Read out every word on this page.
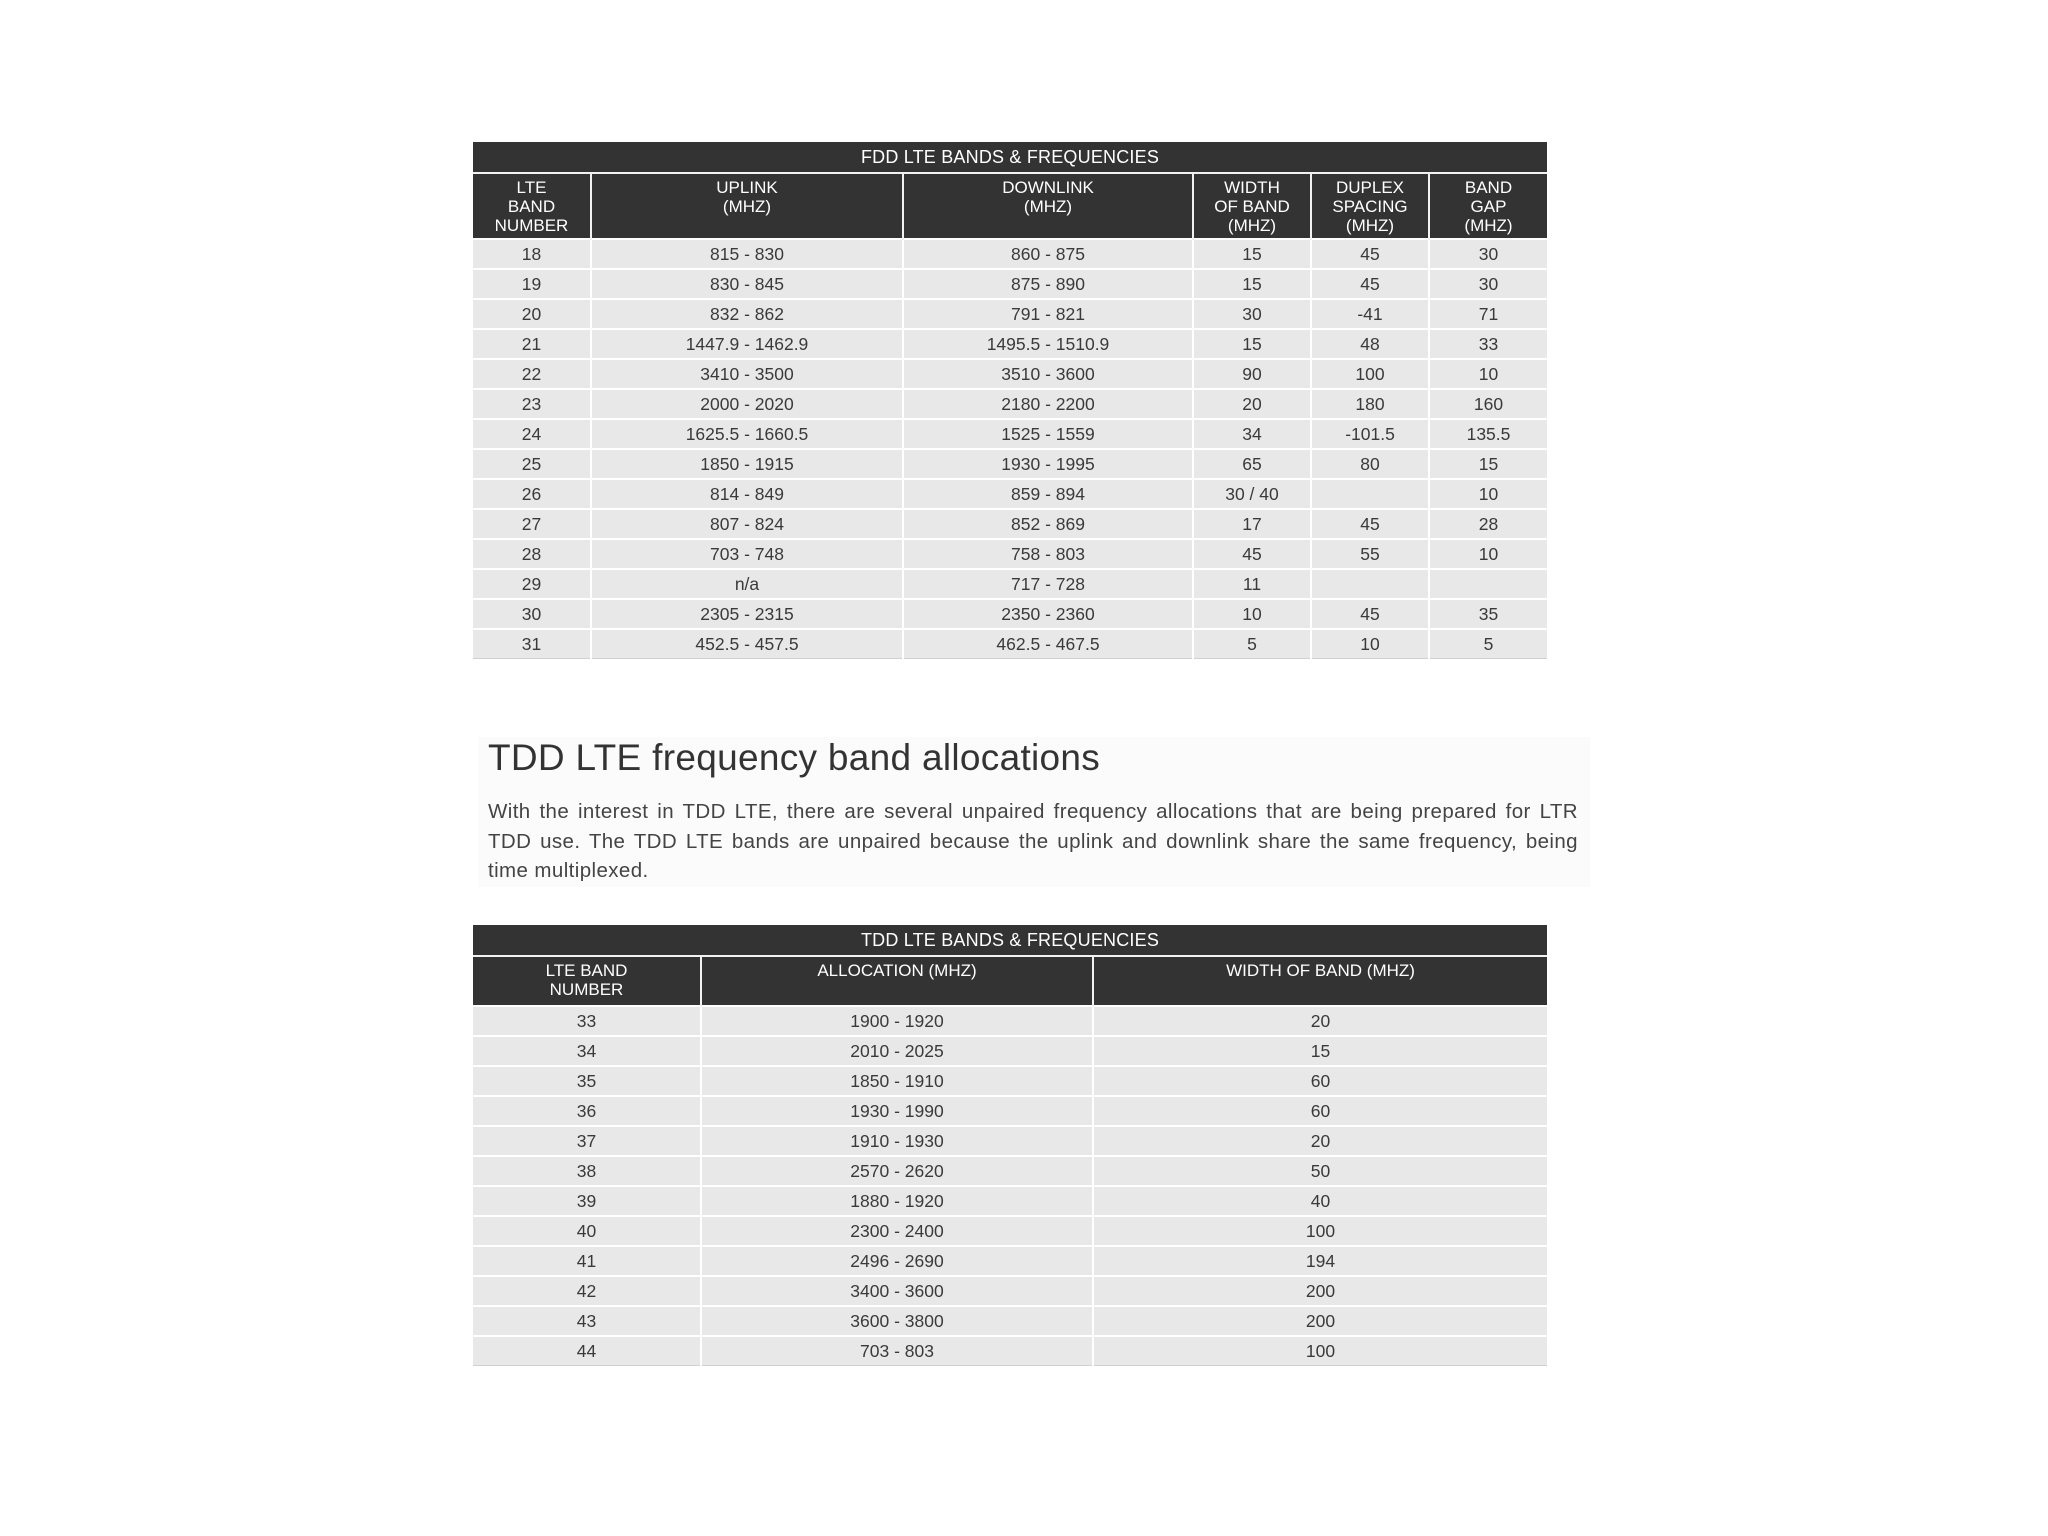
FDD LTE BANDS & FREQUENCIES					
LTE
BAND
NUMBER	UPLINK
(MHZ)	DOWNLINK
(MHZ)	WIDTH
OF BAND
(MHZ)	DUPLEX
SPACING
(MHZ)	BAND
GAP
(MHZ)
18	815 - 830	860 - 875	15	45	30
19	830 - 845	875 - 890	15	45	30
20	832 - 862	791 - 821	30	-41	71
21	1447.9 - 1462.9	1495.5 - 1510.9	15	48	33
22	3410 - 3500	3510 - 3600	90	100	10
23	2000 - 2020	2180 - 2200	20	180	160
24	1625.5 - 1660.5	1525 - 1559	34	-101.5	135.5
25	1850 - 1915	1930 - 1995	65	80	15
26	814 - 849	859 - 894	30 / 40		10
27	807 - 824	852 - 869	17	45	28
28	703 - 748	758 - 803	45	55	10
29	n/a	717 - 728	11		
30	2305 - 2315	2350 - 2360	10	45	35
31	452.5 - 457.5	462.5 - 467.5	5	10	5
TDD LTE frequency band allocations

With the interest in TDD LTE, there are several unpaired frequency allocations that are being prepared for LTR TDD use. The TDD LTE bands are unpaired because the uplink and downlink share the same frequency, being time multiplexed.

TDD LTE BANDS & FREQUENCIES		
LTE BAND
NUMBER	ALLOCATION (MHZ)	WIDTH OF BAND (MHZ)
33	1900 - 1920	20
34	2010 - 2025	15
35	1850 - 1910	60
36	1930 - 1990	60
37	1910 - 1930	20
38	2570 - 2620	50
39	1880 - 1920	40
40	2300 - 2400	100
41	2496 - 2690	194
42	3400 - 3600	200
43	3600 - 3800	200
44	703 - 803	100
